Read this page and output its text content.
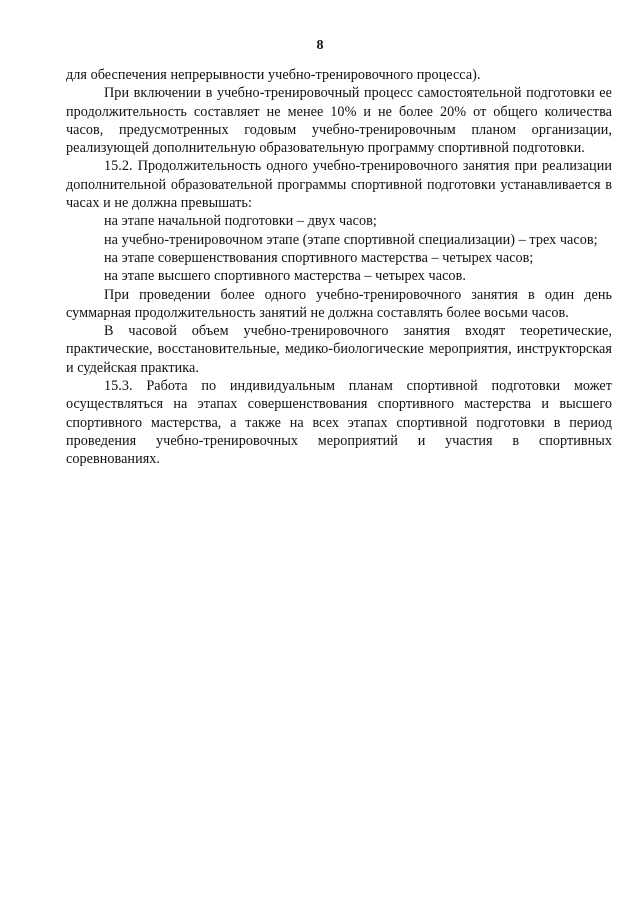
8

для обеспечения непрерывности учебно-тренировочного процесса).

При включении в учебно-тренировочный процесс самостоятельной подготовки ее продолжительность составляет не менее 10% и не более 20% от общего количества часов, предусмотренных годовым учебно-тренировочным планом организации, реализующей дополнительную образовательную программу спортивной подготовки.

15.2. Продолжительность одного учебно-тренировочного занятия при реализации дополнительной образовательной программы спортивной подготовки устанавливается в часах и не должна превышать:

на этапе начальной подготовки – двух часов;

на учебно-тренировочном этапе (этапе спортивной специализации) – трех часов;

на этапе совершенствования спортивного мастерства – четырех часов;

на этапе высшего спортивного мастерства – четырех часов.

При проведении более одного учебно-тренировочного занятия в один день суммарная продолжительность занятий не должна составлять более восьми часов.

В часовой объем учебно-тренировочного занятия входят теоретические, практические, восстановительные, медико-биологические мероприятия, инструкторская и судейская практика.

15.3. Работа по индивидуальным планам спортивной подготовки может осуществляться на этапах совершенствования спортивного мастерства и высшего спортивного мастерства, а также на всех этапах спортивной подготовки в период проведения учебно-тренировочных мероприятий и участия в спортивных соревнованиях.
